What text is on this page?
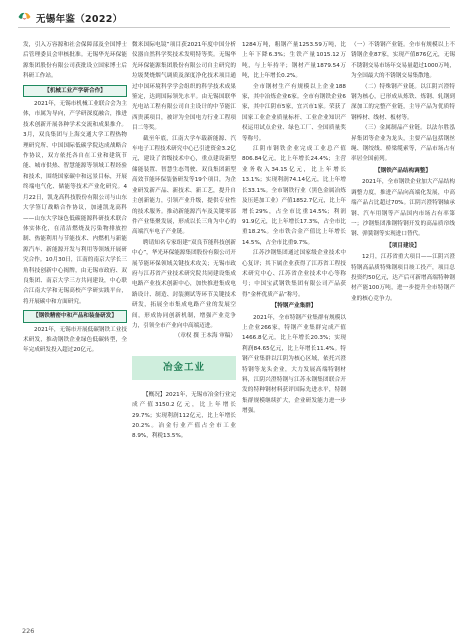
无锡年鉴（2022）

发，引入万容源和社会保障部及全国博士后管理委员会审核批准。无锡华光环保能源集团股份有限公司获批设立国家博士后科研工作站。

【机械工业产学研合作】

2021年，无锡市机械工业联合会为主体，市属为导向，产学研深度融合，推进技术创新开展各种学术交流和成果推介。3月，双良集团与上海交通大学工程热物理研究所、中国国际低碳学院达成战略合作协议，双方依托各自在工业和建筑节能、城市供热、智慧能源等领域工程经验和技术，围绕国家碳中和远景目标，开展终端电气化、储能等技术产业化研究。4月22日，凯龙高科技股份有限公司与山东大学签订战略合作协议，加速凯龙高科——山东大学绿色低碳能源科研技术联合体实体化，在清洁燃烧及污染物排放控制、热能利用与节能技术、内燃机与新能源汽车、新能源开发与利用等领域开展研究合作。10月30日，江南的南京大学长三角科技创新中心揭牌，由无锡市政府、双良集团、南京大学三方共同建设，中心联合江南大学和无锡高校产学研实践平台，将开展碳中和方面研究。

【钢铁精密中和产品和装备研发】

2021年，无锡市开展低碳钢铁工业技术研发，推动钢铁企业绿色低碳转型，全年完成研发投入超过20亿元。

微米国际电镜”项目获2021年度中国分析仪器自然科学奖技术发明特等奖。无锡华光环保能源集团股份有限公司自主研究的垃圾焚烧烟气调质及深度净化技术项目通过中国环境科学学会组织的科学技术成果鉴定，达到国际领先水平。由无锡国联华光电站工程有限公司自主设计的中节能江西贵溪项目，被评为全国电力行业工程项目二等奖。

截至年底，江南大学车载新能源、汽车电子工程技术研究中心已引进资金3.2亿元，建设了省级技术中心，重点建设新型储能装置、智慧生态驾驶、双良集团新型高效节能环保装备研发等19个项目，为企业研发新产品、新技术、新工艺，提升自主创新能力，引领产业升级，提供专业性的技术服务。推动新能源汽车及关键零部件产业集聚发展，形成以长三角为中心的高端汽车电子产业链。

聘请知名专家组建“双良节能科技创新中心”，华光环保能源集团股份有限公司开展节能环保领域关键技术攻关；无锡市政府与江苏省产业技术研究院共同建设集成电路产业技术创新中心，加快推进集成电路设计、制造、封装测试等环节关键技术研发，拓展全市集成电路产业的发展空间，形成协同创新机制，增强产业竞争力，引领全市产业向中高端迈进。

（章权 撰 王本海 审稿）
冶金工业

【概况】2021年，无锡市冶金行业完成产值3150.2亿元，比上年增长29.7%；实现利润112亿元，比上年增长20.2%。冶金行业产值占全市工业8.9%，利税13.5%。

1284万吨，粗钢产量1253.59万吨，比上年下降6.3%；生铁产量1015.12万吨，与上年持平；钢材产量1879.54万吨，比上年增长0.2%。

全市钢材生产有规模以上企业188家，其中冶炼企业6家。全市有钢铁企业6家，其中江阴市5家，宜兴市1家。荣获了国家工业企业质量标杆、工业企业知识产权运用试点企业、绿色工厂、全国质量奖等称号。

江阴市钢铁企业完成工业总产值806.84亿元，比上年增长24.4%；主营业务收入34.15亿元，比上年增长13.1%；实现利润74.14亿元，比上年增长33.1%。全市钢铁行业（黑色金属冶炼及压延加工业）产值1852.7亿元，比上年增长29%，占全市比重14.5%；利润91.9亿元，比上年增长17.3%，占全市比重18.2%。全市铁合金产值比上年增长14.5%，占全市比重9.7%。

江苏沙钢集团通过国家级企业技术中心复评；其下属企业获得了江苏省工程技术研究中心、江苏省企业技术中心等称号；中国宝武钢铁集团有限公司产品获得“金杯优质产品”称号。

【特钢产业集群】

2021年，全市特钢产业集群有规模以上企业266家，特钢产业集群完成产值1466.8亿元，比上年增长20.3%；实现利润84.65亿元，比上年增长11.4%。特钢产业集群以江阴为核心区域，依托兴澄特钢等龙头企业，大力发展高端特钢材料，江阴兴澄特钢与江苏永钢集团联合开发的特种钢材料获评国际先进水平，特钢集群规模继续扩大，企业研发能力进一步增强。

（一）不锈钢产业链。全市有规模以上不锈钢企业87家，实现产值876亿元，无锡不锈钢交易市场年交易量超过1000万吨，为全国最大的不锈钢交易集散地。

（二）特殊钢产业链。以江阴兴澄特钢为核心，已形成从炼铁、炼钢、轧钢到深加工的完整产业链，主导产品为优质特钢棒材、线材、板材等。

（三）金属制品产业链。以法尔胜泓昇集团等企业为龙头，主要产品包括钢丝绳、钢绞线、桥梁缆索等，产品市场占有率居全国前列。

【钢铁产品结构调整】

2021年，全市钢铁企业加大产品结构调整力度，推进产品向高端化发展，中高端产品占比超过70%。江阴兴澄特钢轴承钢、汽车用钢等产品国内市场占有率第一；沙钢集团淮钢特钢开发的高品质帘线钢、弹簧钢等实现进口替代。

【项目建设】

12月，江苏省重大项目——江阴兴澄特钢高品质特殊钢项目竣工投产，项目总投资约50亿元，达产后可新增高端特种钢材产能100万吨，进一步提升全市特钢产业的核心竞争力。

226
